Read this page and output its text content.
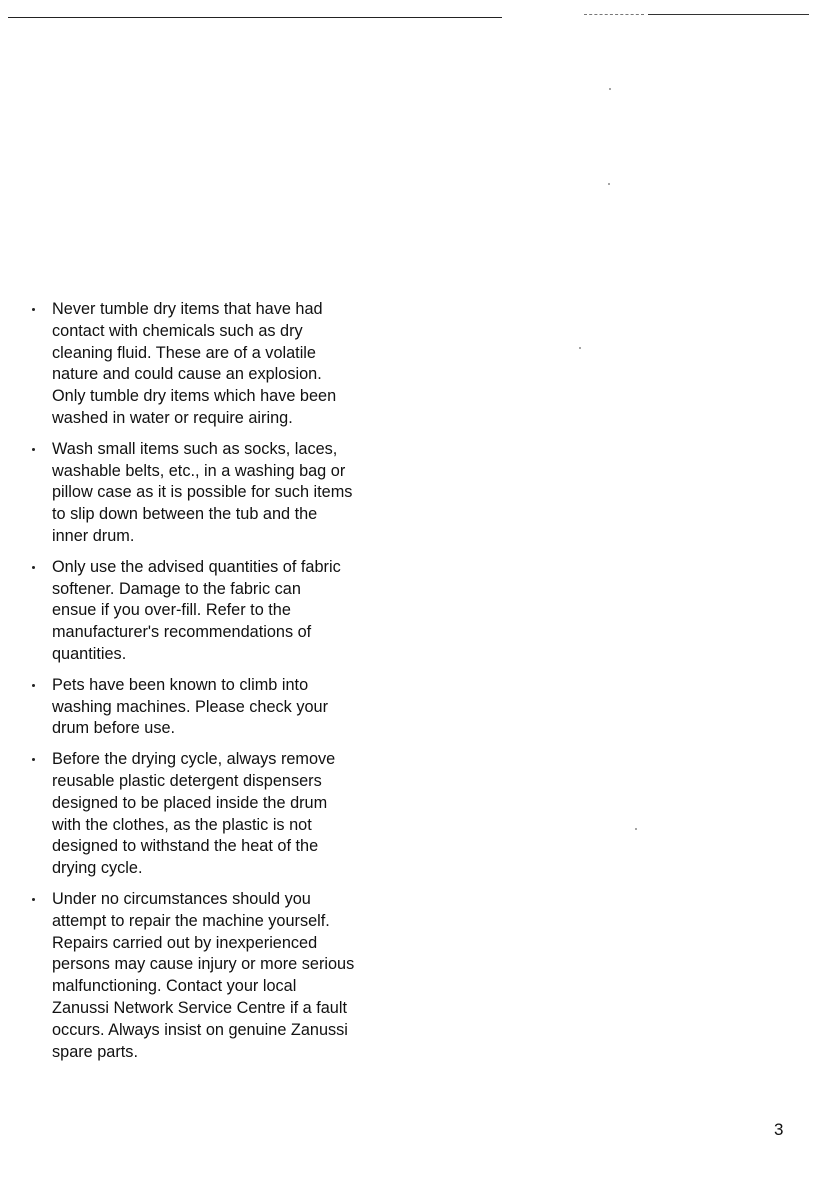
Never tumble dry items that have had
contact with chemicals such as dry
cleaning fluid. These are of a volatile
nature and could cause an explosion.
Only tumble dry items which have been
washed in water or require airing.
Wash small items such as socks, laces,
washable belts, etc., in a washing bag or
pillow case as it is possible for such items
to slip down between the tub and the
inner drum.
Only use the advised quantities of fabric
softener. Damage to the fabric can
ensue if you over-fill. Refer to the
manufacturer's recommendations of
quantities.
Pets have been known to climb into
washing machines. Please check your
drum before use.
Before the drying cycle, always remove
reusable plastic detergent dispensers
designed to be placed inside the drum
with the clothes, as the plastic is not
designed to withstand the heat of the
drying cycle.
Under no circumstances should you
attempt to repair the machine yourself.
Repairs carried out by inexperienced
persons may cause injury or more serious
malfunctioning. Contact your local
Zanussi Network Service Centre if a fault
occurs. Always insist on genuine Zanussi
spare parts.
3
